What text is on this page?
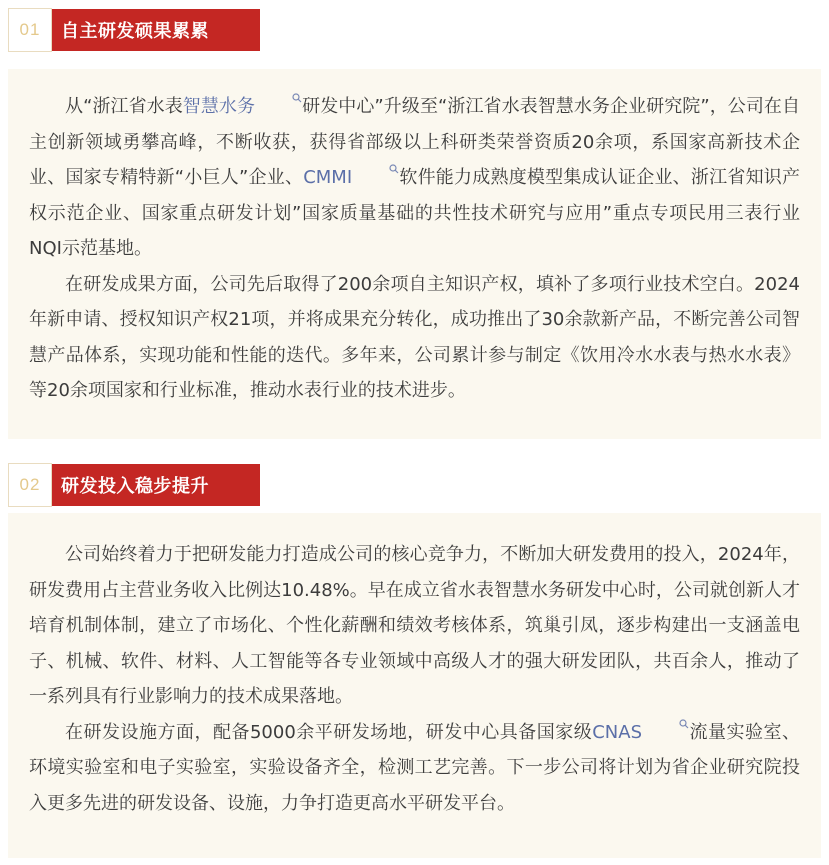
01	自主研发硕果累累

从“浙江省水表智慧水务	研发中心”升级至“浙江省水表智慧水务企业研究院”，公司在自主创新领域勇攀高峰，不断收获，获得省部级以上科研类荣誉资质20余项，系国家高新技术企业、国家专精特新“小巨人”企业、CMMI	软件能力成熟度模型集成认证企业、浙江省知识产权示范企业、国家重点研发计划”国家质量基础的共性技术研究与应用”重点专项民用三表行业NQI示范基地。

在研发成果方面，公司先后取得了200余项自主知识产权，填补了多项行业技术空白。2024年新申请、授权知识产权21项，并将成果充分转化，成功推出了30余款新产品，不断完善公司智慧产品体系，实现功能和性能的迭代。多年来，公司累计参与制定《饮用冷水水表与热水水表》等20余项国家和行业标准，推动水表行业的技术进步。

02	研发投入稳步提升

公司始终着力于把研发能力打造成公司的核心竞争力，不断加大研发费用的投入，2024年，研发费用占主营业务收入比例达10.48%。早在成立省水表智慧水务研发中心时，公司就创新人才培育机制体制，建立了市场化、个性化薪酬和绩效考核体系，筑巢引凤，逐步构建出一支涵盖电子、机械、软件、材料、人工智能等各专业领域中高级人才的强大研发团队，共百余人，推动了一系列具有行业影响力的技术成果落地。

在研发设施方面，配备5000余平研发场地，研发中心具备国家级CNAS	流量实验室、环境实验室和电子实验室，实验设备齐全，检测工艺完善。下一步公司将计划为省企业研究院投入更多先进的研发设备、设施，力争打造更高水平研发平台。
